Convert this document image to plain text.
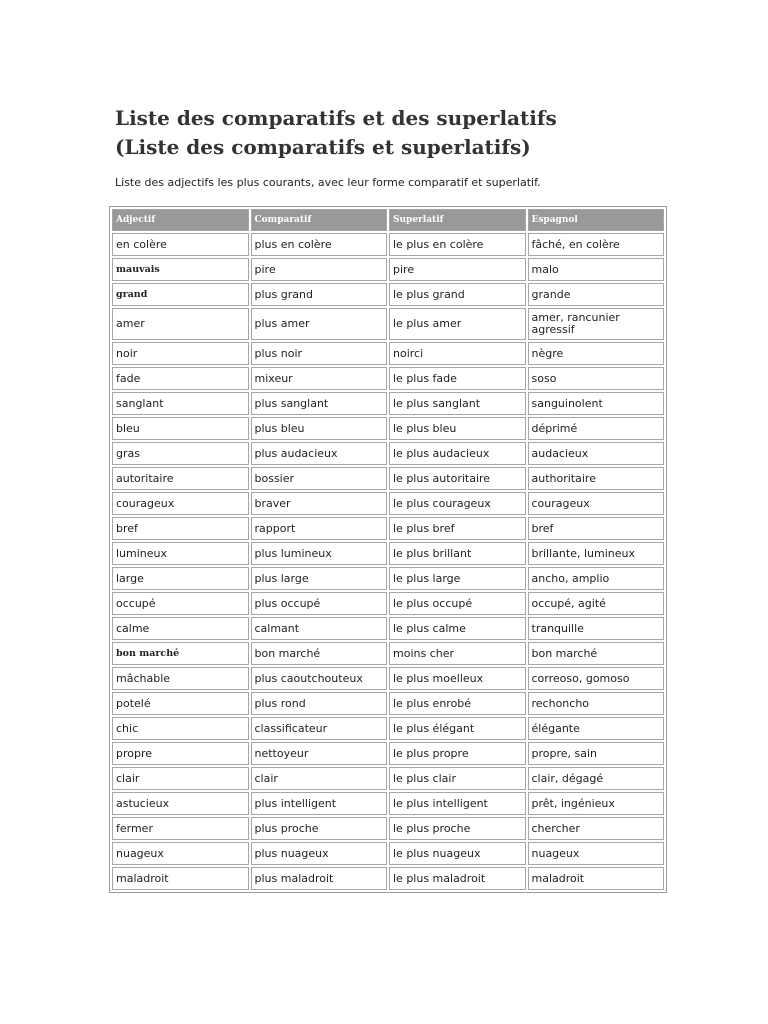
Liste des comparatifs et des superlatifs
(Liste des comparatifs et superlatifs)

Liste des adjectifs les plus courants, avec leur forme comparatif et superlatif.

Adjectif	Comparatif	Superlatif	Espagnol
en colère	plus en colère	le plus en colère	fâché, en colère
mauvais	pire	pire	malo
grand	plus grand	le plus grand	grande
amer	plus amer	le plus amer	amer, rancunier agressif
noir	plus noir	noirci	nègre
fade	mixeur	le plus fade	soso
sanglant	plus sanglant	le plus sanglant	sanguinolent
bleu	plus bleu	le plus bleu	déprimé
gras	plus audacieux	le plus audacieux	audacieux
autoritaire	bossier	le plus autoritaire	authoritaire
courageux	braver	le plus courageux	courageux
bref	rapport	le plus bref	bref
lumineux	plus lumineux	le plus brillant	brillante, lumineux
large	plus large	le plus large	ancho, amplio
occupé	plus occupé	le plus occupé	occupé, agité
calme	calmant	le plus calme	tranquille
bon marché	bon marché	moins cher	bon marché
mâchable	plus caoutchouteux	le plus moelleux	correoso, gomoso
potelé	plus rond	le plus enrobé	rechoncho
chic	classificateur	le plus élégant	élégante
propre	nettoyeur	le plus propre	propre, sain
clair	clair	le plus clair	clair, dégagé
astucieux	plus intelligent	le plus intelligent	prêt, ingénieux
fermer	plus proche	le plus proche	chercher
nuageux	plus nuageux	le plus nuageux	nuageux
maladroit	plus maladroit	le plus maladroit	maladroit
